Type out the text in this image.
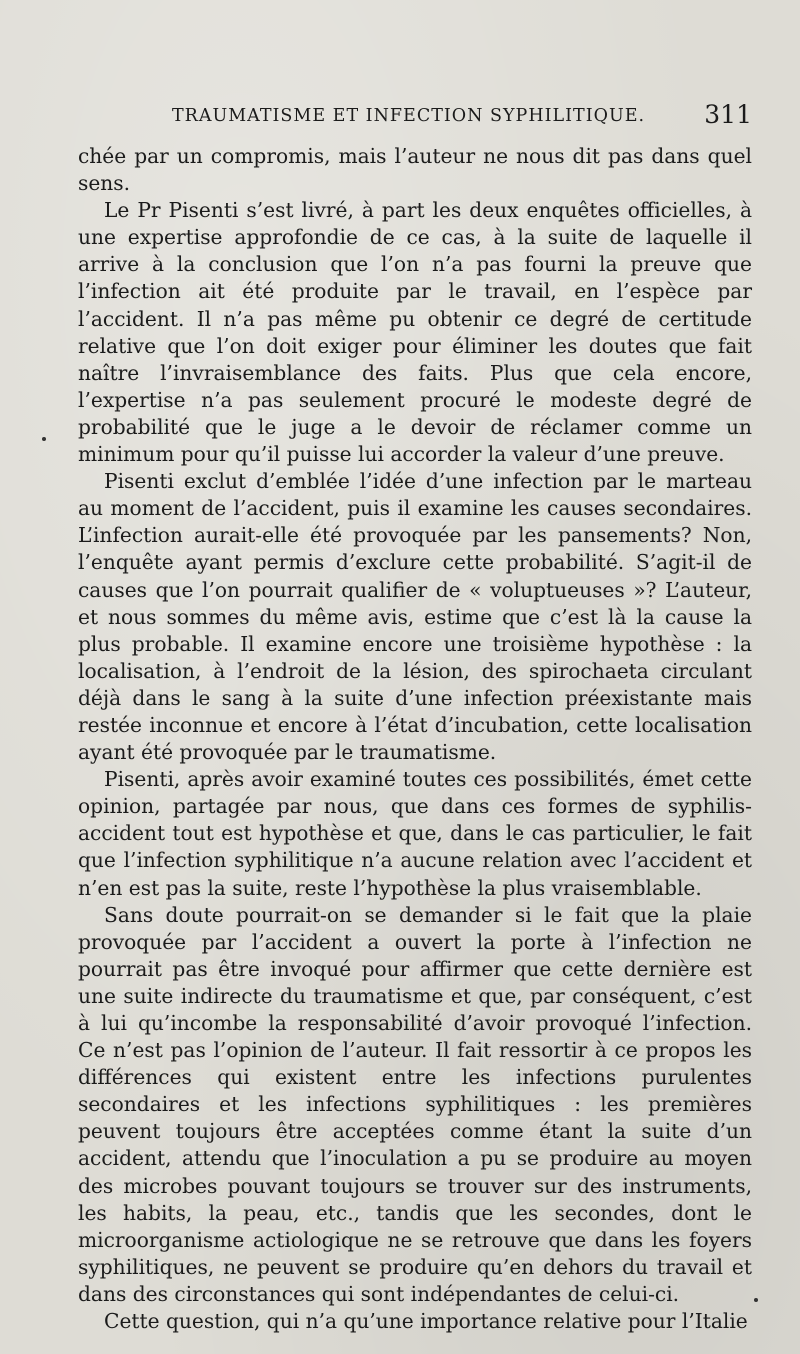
TRAUMATISME ET INFECTION SYPHILITIQUE. 311

chée par un compromis, mais l’auteur ne nous dit pas dans quel sens.

Le Pr Pisenti s’est livré, à part les deux enquêtes officielles, à une expertise approfondie de ce cas, à la suite de laquelle il arrive à la conclusion que l’on n’a pas fourni la preuve que l’infection ait été produite par le travail, en l’espèce par l’accident. Il n’a pas même pu obtenir ce degré de certitude relative que l’on doit exiger pour éliminer les doutes que fait naître l’invraisemblance des faits. Plus que cela encore, l’expertise n’a pas seulement procuré le modeste degré de probabilité que le juge a le devoir de réclamer comme un minimum pour qu’il puisse lui accorder la valeur d’une preuve.

Pisenti exclut d’emblée l’idée d’une infection par le marteau au moment de l’accident, puis il examine les causes secondaires. L’infection aurait-elle été provoquée par les pansements? Non, l’enquête ayant permis d’exclure cette probabilité. S’agit-il de causes que l’on pourrait qualifier de « voluptueuses »? L’auteur, et nous sommes du même avis, estime que c’est là la cause la plus probable. Il examine encore une troisième hypothèse : la localisation, à l’endroit de la lésion, des spirochaeta circulant déjà dans le sang à la suite d’une infection préexistante mais restée inconnue et encore à l’état d’incubation, cette localisation ayant été provoquée par le traumatisme.

Pisenti, après avoir examiné toutes ces possibilités, émet cette opinion, partagée par nous, que dans ces formes de syphilis-accident tout est hypothèse et que, dans le cas particulier, le fait que l’infection syphilitique n’a aucune relation avec l’accident et n’en est pas la suite, reste l’hypothèse la plus vraisemblable.

Sans doute pourrait-on se demander si le fait que la plaie provoquée par l’accident a ouvert la porte à l’infection ne pourrait pas être invoqué pour affirmer que cette dernière est une suite indirecte du traumatisme et que, par conséquent, c’est à lui qu’incombe la responsabilité d’avoir provoqué l’infection. Ce n’est pas l’opinion de l’auteur. Il fait ressortir à ce propos les différences qui existent entre les infections purulentes secondaires et les infections syphilitiques : les premières peuvent toujours être acceptées comme étant la suite d’un accident, attendu que l’inoculation a pu se produire au moyen des microbes pouvant toujours se trouver sur des instruments, les habits, la peau, etc., tandis que les secondes, dont le microorganisme actiologique ne se retrouve que dans les foyers syphilitiques, ne peuvent se produire qu’en dehors du travail et dans des circonstances qui sont indépendantes de celui-ci.

Cette question, qui n’a qu’une importance relative pour l’Italie
